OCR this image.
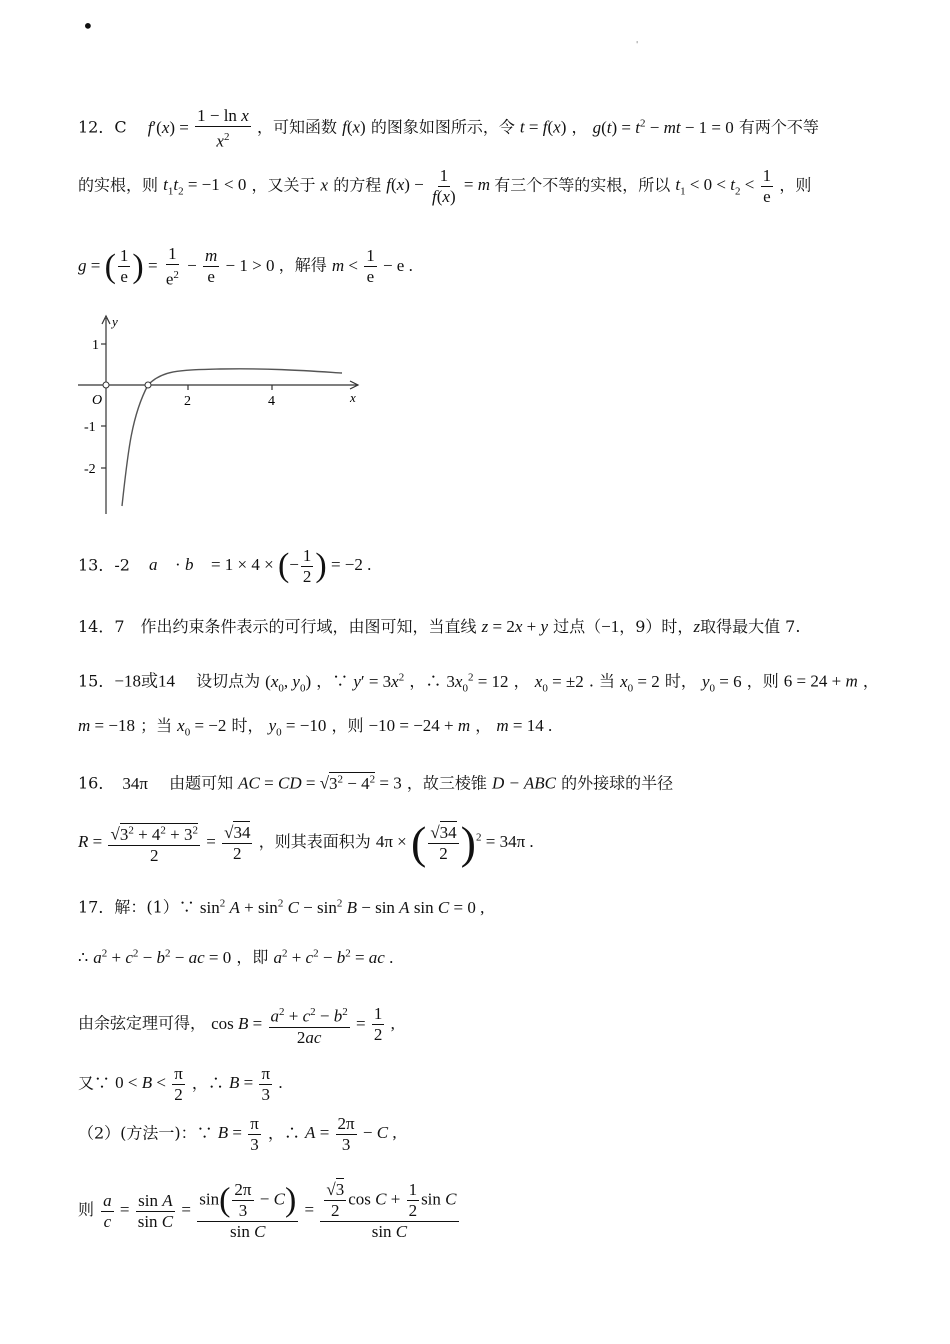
•
'
12．C $f'(x) = \frac{\text{1 − ln x}}{x^2}$ ，可知函数 f(x) 的图象如图所示，令 t = f(x) ， $g(t) = t^2$ − mt − 1 = 0 有两个不等
的实根，则 $t_1t_2 = -1 < 0$ ，又关于 x 的方程 $f(x) - \frac{1}{f(x)} = m$ 有三个不等的实根，所以 $t_1 < 0 < t_2 < \frac{1}{e}$ ，则
g = ( $\frac{1}{e}$ ) = $\frac{1}{e^2} - \frac{m}{e} - 1 > 0$ ，解得 $m < \frac{1}{e} - e$ .
y
x
O	2	4
1
-1
-2
13．-2 a⃗ · b⃗ = 1 × 4 × (− $\frac{1}{2}$ ) = −2 .
14．7　作出约束条件表示的可行域，由图可知，当直线 z = 2x + y 过点（−1，9）时，z取得最大值 7.
15．−18或14 　设切点为 ($x_0$, $y_0$) ，∵ $y' = 3x^2$ ，∴ $3x_0^2 = 12$ ， $x_0 = \pm 2$ . 当 $x_0 = 2$ 时， $y_0 = 6$ ，则 6 = 24 + m ，
m = −18 ；当 $x_0 = -2$ 时， $y_0 = -10$ ，则 −10 = −24 + m ， m = 14 .
16． 34π 　由题可知 AC = CD = $√3^2 - 4^2 = 3$ ，故三棱锥 D − ABC 的外接球的半径
$R = \frac{√3^2 + 4^2 + 3^2}{2} = \frac{√34}{2}$ ，则其表面积为 4π × ( $\frac{√34}{2} )^2 = 34\pi$ .
17．解：(1）∵ $\sin^2 A + \sin^2 C - \sin^2 B - \sin A$ sin C = 0 ,
∴ $a^2 + c^2 - b^2$ − ac = 0 ，即 $a^2 + c^2 - b^2$ = ac .
由余弦定理可得， $\cos B = \frac{a^2 + c^2 - b^2}{2ac} = \frac{1}{2}$ ,
又∵ $0 < B < \frac{\pi}{2}$ ，∴ $B = \frac{\pi}{3}$ .
（2）(方法一)：∵ $B = \frac{\pi}{3}$ ，∴ $A = \frac{2\pi}{3} - C$ ,
则 $\frac{a}{c} = \frac{\text{sin A}}{\text{sin C}} = \frac{\sin( \frac{2\pi}{3} - C)}{\text{sin C}} = \frac{\frac{√3}{2} \cos C + \frac{1}{2} \sin C}{\text{sin C}}$
